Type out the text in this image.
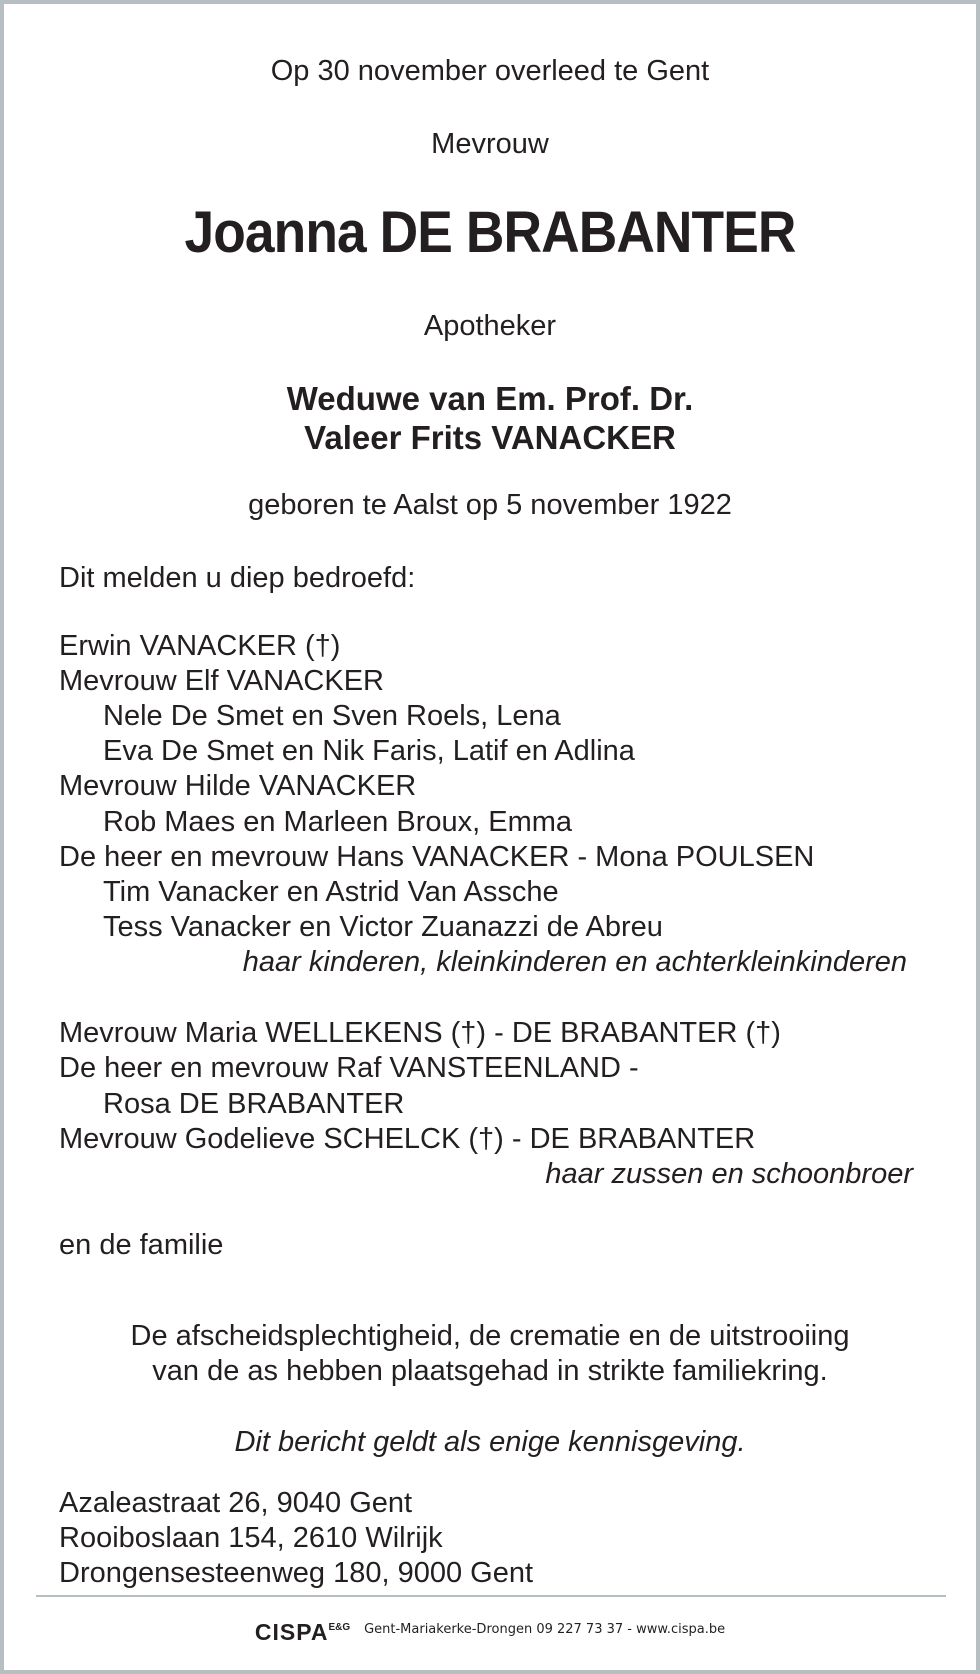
Op 30 november overleed te Gent
Mevrouw
Joanna DE BRABANTER
Apotheker
Weduwe van Em. Prof. Dr.
Valeer Frits VANACKER
geboren te Aalst op 5 november 1922
Dit melden u diep bedroefd:
Erwin VANACKER (†)
Mevrouw Elf VANACKER
Nele De Smet en Sven Roels, Lena
Eva De Smet en Nik Faris, Latif en Adlina
Mevrouw Hilde VANACKER
Rob Maes en Marleen Broux, Emma
De heer en mevrouw Hans VANACKER - Mona POULSEN
Tim Vanacker en Astrid Van Assche
Tess Vanacker en Victor Zuanazzi de Abreu
haar kinderen, kleinkinderen en achterkleinkinderen
Mevrouw Maria WELLEKENS (†) - DE BRABANTER (†)
De heer en mevrouw Raf VANSTEENLAND -
Rosa DE BRABANTER
Mevrouw Godelieve SCHELCK (†) - DE BRABANTER
haar zussen en schoonbroer
en de familie
De afscheidsplechtigheid, de crematie en de uitstrooiing
van de as hebben plaatsgehad in strikte familiekring.
Dit bericht geldt als enige kennisgeving.
Azaleastraat 26, 9040 Gent
Rooiboslaan 154, 2610 Wilrijk
Drongensesteenweg 180, 9000 Gent
$CISPA^{E\&G}$ Gent-Mariakerke-Drongen 09 227 73 37 - www.cispa.be
